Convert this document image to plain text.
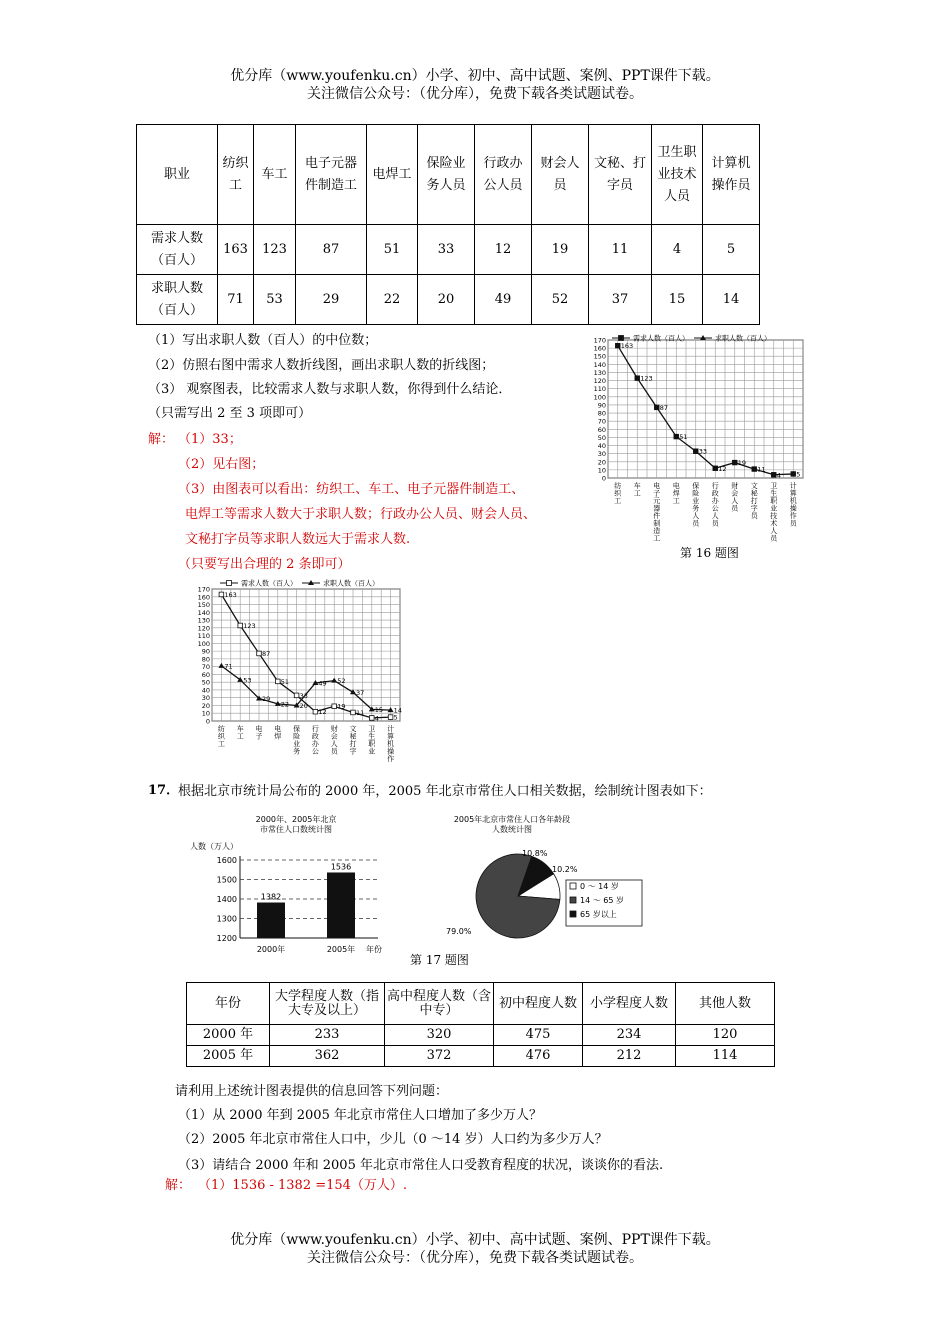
优分库（www.youfenku.cn）小学、初中、高中试题、案例、PPT课件下载。
关注微信公众号：（优分库），免费下载各类试题试卷。
职业	纺织工	车工	电子元器件制造工	电焊工	保险业务人员	行政办公人员	财会人员	文秘、打字员	卫生职业技术人员	计算机操作员
需求人数（百人）	163	123	87	51	33	12	19	11	4	5
求职人数（百人）	71	53	29	22	20	49	52	37	15	14
（1）写出求职人数（百人）的中位数；
（2）仿照右图中需求人数折线图，画出求职人数的折线图；
（3） 观察图表，比较需求人数与求职人数，你得到什么结论．
（只需写出 2 至 3 项即可）
解： （1）33；
（2）见右图；
（3）由图表可以看出：纺织工、车工、电子元器件制造工、
电焊工等需求人数大于求职人数；行政办公人员、财会人员、
文秘打字员等求职人数远大于需求人数.
（只要写出合理的 2 条即可）
0
10
20
30
40
50
60
70
80
90
100
110
120
130
140
150
160
170
纺织工
车工
电子元器件制造工
电焊工
保险业务人员
行政办公人员
财会人员
文秘打字员
卫生职业技术人员
计算机操作员
163
123
87
51
33
12
19
11
4 5
需求人数（百人）	求职人数（百人）
第 16 题图
0
10
20
30
40
50
60
70
80
90
100
110
120
130
140
150
160
170
纺织工
车工
电子
电焊
保险业务
行政办公
财会人员
文秘打字
卫生职业
计算机操作
163
123
87
51
33
12
19
11
4 5
71
53
29
22 20
49 52
37
15 14
需求人数（百人）	求职人数（百人）
17．
根据北京市统计局公布的 2000 年，2005 年北京市常住人口相关数据，绘制统计图表如下：
2000年、2005年北京
市常住人口数统计图
人数（万人）
1200
1300
1400
1500
1600
1382
2000年
1536
2005年 年份
2005年北京市常住人口各年龄段
人数统计图
10.8%
10.2%
79.0%
0 ～ 14 岁
14 ～ 65 岁
65 岁以上
第 17 题图
年份	大学程度人数（指大专及以上）	高中程度人数（含中专）	初中程度人数	小学程度人数	其他人数
2000 年	233	320	475	234	120
2005 年	362	372	476	212	114
请利用上述统计图表提供的信息回答下列问题：
（1）从 2000 年到 2005 年北京市常住人口增加了多少万人？
（2）2005 年北京市常住人口中，少儿（0 ～14 岁）人口约为多少万人？
（3）请结合 2000 年和 2005 年北京市常住人口受教育程度的状况，谈谈你的看法.
解： （1）1536 - 1382 =154（万人）.
优分库（www.youfenku.cn）小学、初中、高中试题、案例、PPT课件下载。
关注微信公众号：（优分库），免费下载各类试题试卷。
